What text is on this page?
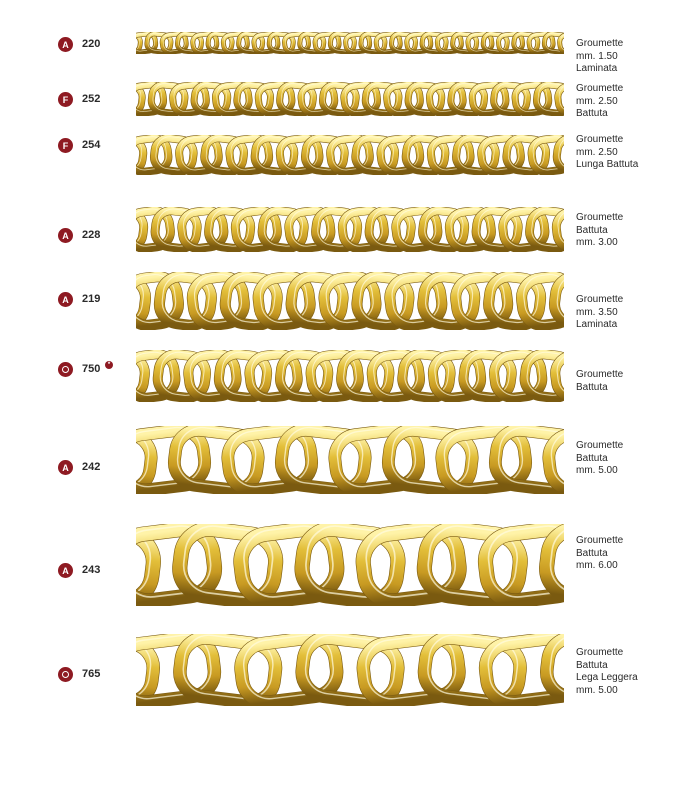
A	220	Groumette
mm. 1.50
Laminata
F	252
Groumette
mm. 2.50
Battuta
F	254	Groumette
mm. 2.50
Lunga Battuta
A	228
Groumette
Battuta
mm. 3.00
A	219	Groumette
mm. 3.50
Laminata
750	*
Groumette
Battuta
A	242
Groumette
Battuta
mm. 5.00
A	243
Groumette
Battuta
mm. 6.00
765
Groumette
Battuta
Lega Leggera
mm. 5.00
